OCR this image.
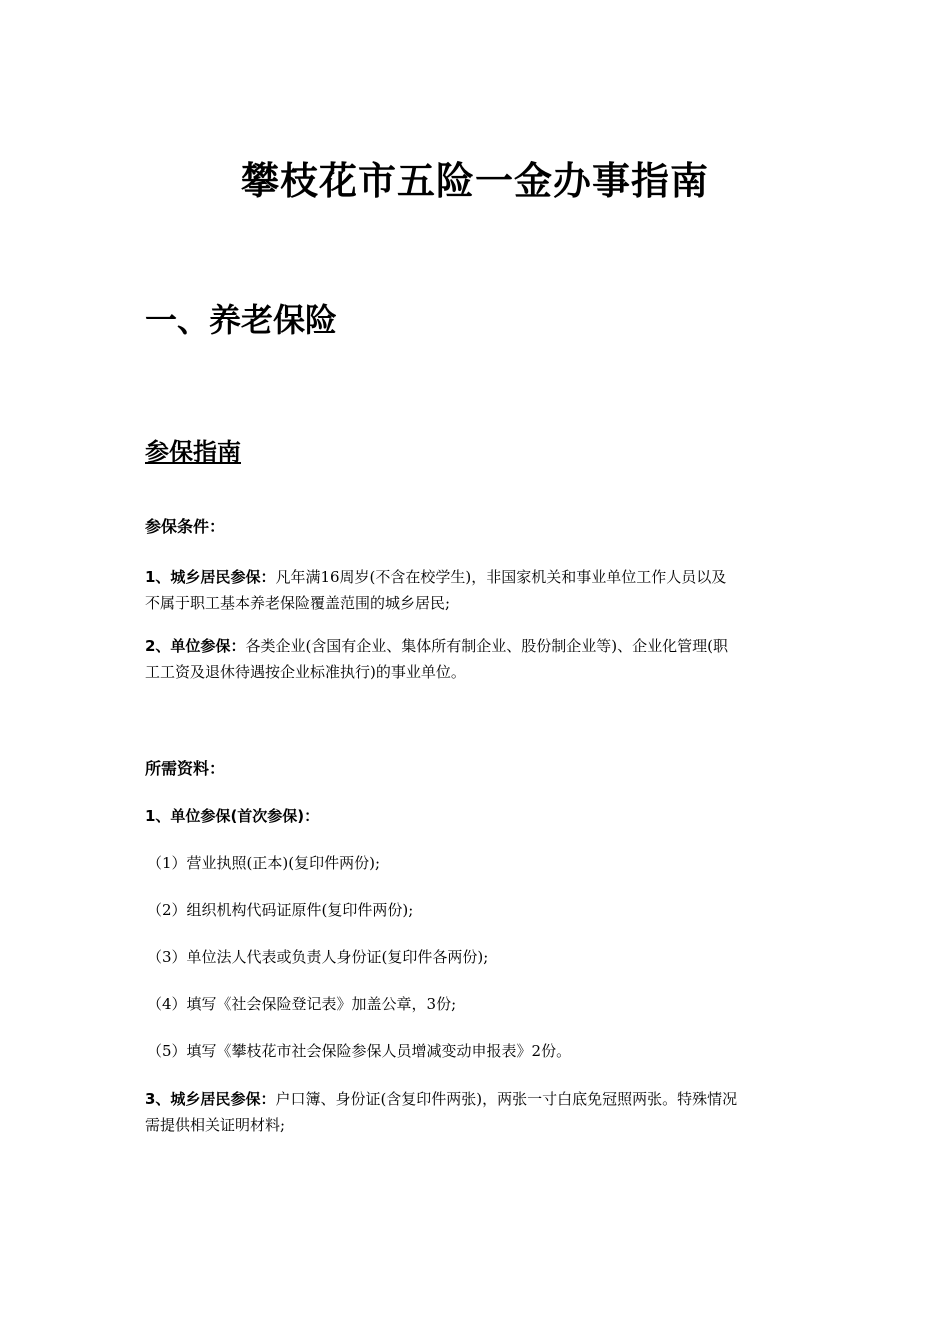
攀枝花市五险一金办事指南
一、养老保险
参保指南
参保条件：
1、城乡居民参保：凡年满16周岁(不含在校学生)，非国家机关和事业单位工作人员以及
不属于职工基本养老保险覆盖范围的城乡居民;
2、单位参保：各类企业(含国有企业、集体所有制企业、股份制企业等)、企业化管理(职
工工资及退休待遇按企业标准执行)的事业单位。
所需资料：
1、单位参保(首次参保)：
（1）营业执照(正本)(复印件两份);
（2）组织机构代码证原件(复印件两份);
（3）单位法人代表或负责人身份证(复印件各两份);
（4）填写《社会保险登记表》加盖公章，3份;
（5）填写《攀枝花市社会保险参保人员增减变动申报表》2份。
3、城乡居民参保：户口簿、身份证(含复印件两张)，两张一寸白底免冠照两张。特殊情况
需提供相关证明材料;
